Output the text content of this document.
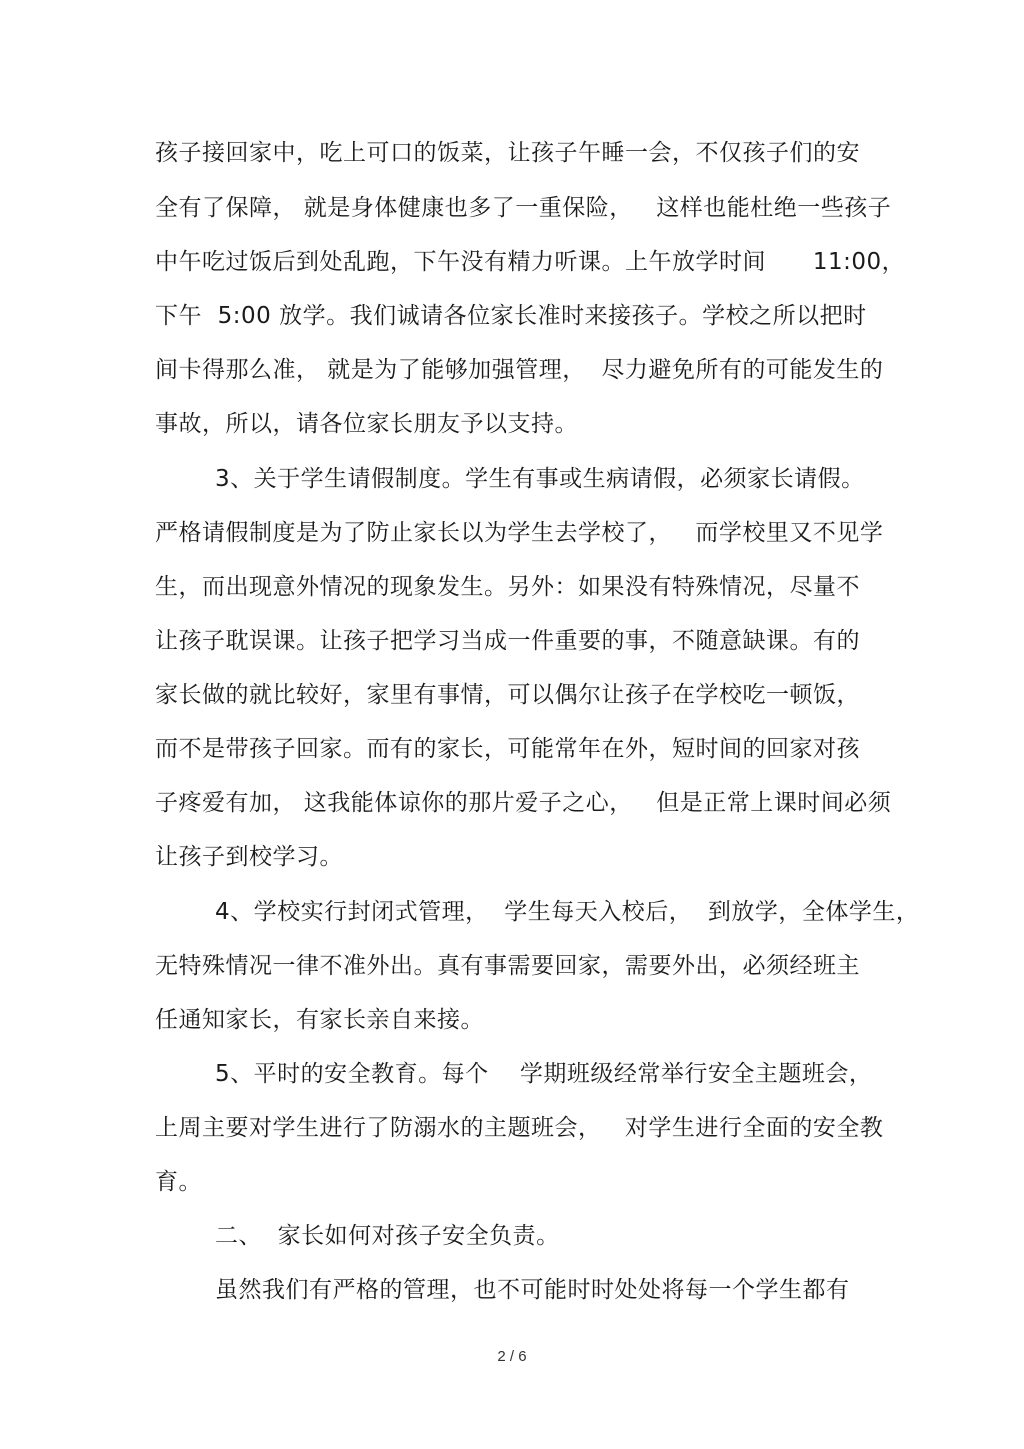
孩子接回家中，吃上可口的饭菜，让孩子午睡一会，不仅孩子们的安
全有了保障， 就是身体健康也多了一重保险，   这样也能杜绝一些孩子
中午吃过饭后到处乱跑，下午没有精力听课。上午放学时间      11:00，
下午  5:00 放学。我们诚请各位家长准时来接孩子。学校之所以把时
间卡得那么准， 就是为了能够加强管理，  尽力避免所有的可能发生的
事故，所以，请各位家长朋友予以支持。
3、关于学生请假制度。学生有事或生病请假，必须家长请假。
严格请假制度是为了防止家长以为学生去学校了，   而学校里又不见学
生，而出现意外情况的现象发生。另外：如果没有特殊情况，尽量不
让孩子耽误课。让孩子把学习当成一件重要的事，不随意缺课。有的
家长做的就比较好，家里有事情，可以偶尔让孩子在学校吃一顿饭，
而不是带孩子回家。而有的家长，可能常年在外，短时间的回家对孩
子疼爱有加， 这我能体谅你的那片爱子之心，   但是正常上课时间必须
让孩子到校学习。
4、学校实行封闭式管理，  学生每天入校后，  到放学，全体学生，
无特殊情况一律不准外出。真有事需要回家，需要外出，必须经班主
任通知家长，有家长亲自来接。
5、平时的安全教育。每个    学期班级经常举行安全主题班会，
上周主要对学生进行了防溺水的主题班会，   对学生进行全面的安全教
育。
二、  家长如何对孩子安全负责。
虽然我们有严格的管理，也不可能时时处处将每一个学生都有
2 / 6
